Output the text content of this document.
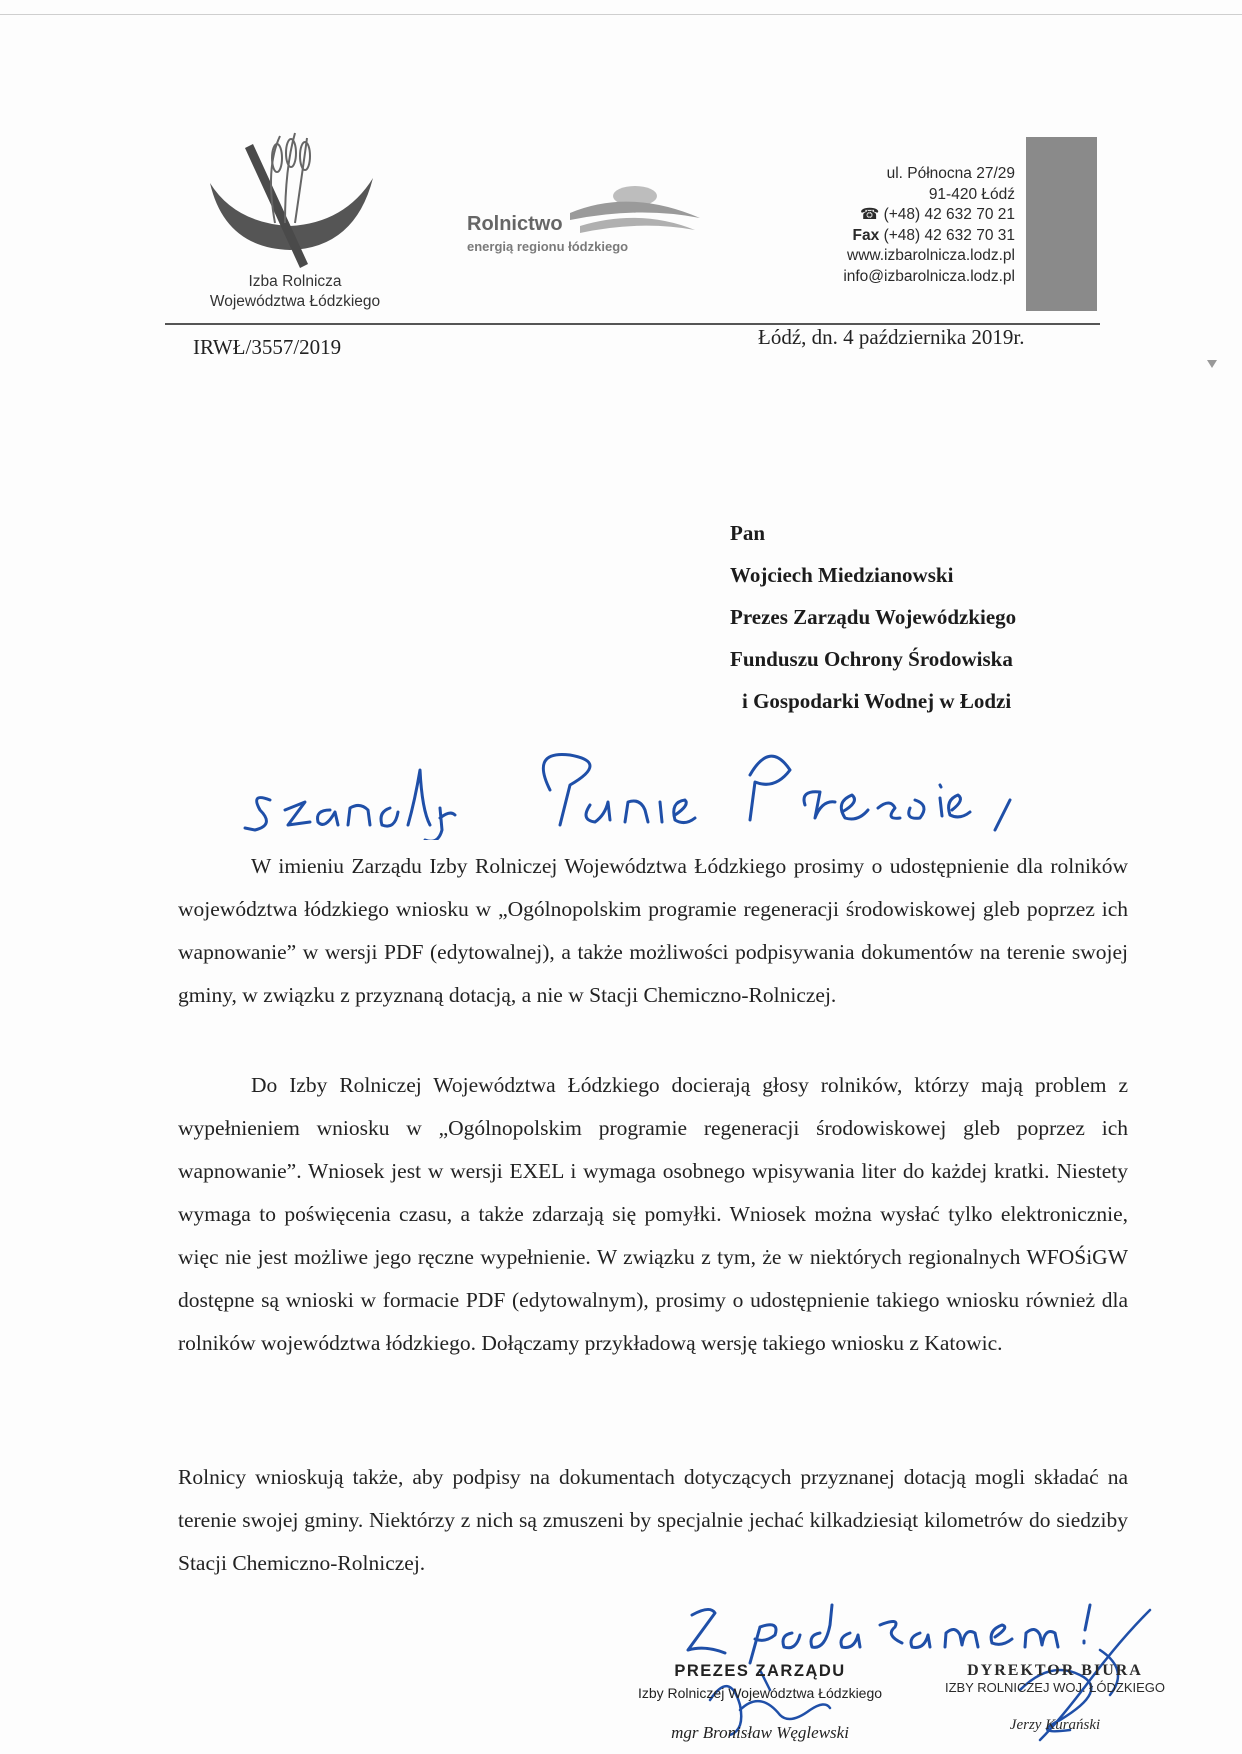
Izba Rolnicza
Województwa Łódzkiego
Rolnictwo
energią regionu łódzkiego
ul. Północna 27/29
91-420 Łódź
☎ (+48) 42 632 70 21
Fax (+48) 42 632 70 31
www.izbarolnicza.lodz.pl
info@izbarolnicza.lodz.pl
IRWŁ/3557/2019	Łódź, dn. 4 października 2019r.
Pan
Wojciech Miedzianowski
Prezes Zarządu Wojewódzkiego
Funduszu Ochrony Środowiska
i Gospodarki Wodnej w Łodzi

W imieniu Zarządu Izby Rolniczej Województwa Łódzkiego prosimy o udostępnienie dla rolników województwa łódzkiego wniosku w „Ogólnopolskim programie regeneracji środowiskowej gleb poprzez ich wapnowanie” w wersji PDF (edytowalnej), a także możliwości podpisywania dokumentów na terenie swojej gminy, w związku z przyznaną dotacją, a nie w Stacji Chemiczno-Rolniczej.

Do Izby Rolniczej Województwa Łódzkiego docierają głosy rolników, którzy mają problem z wypełnieniem wniosku w „Ogólnopolskim programie regeneracji środowiskowej gleb poprzez ich wapnowanie”. Wniosek jest w wersji EXEL i wymaga osobnego wpisywania liter do każdej kratki. Niestety wymaga to poświęcenia czasu, a także zdarzają się pomyłki. Wniosek można wysłać tylko elektronicznie, więc nie jest możliwe jego ręczne wypełnienie. W związku z tym, że w niektórych regionalnych WFOŚiGW dostępne są wnioski w formacie PDF (edytowalnym), prosimy o udostępnienie takiego wniosku również dla rolników województwa łódzkiego. Dołączamy przykładową wersję takiego wniosku z Katowic.

Rolnicy wnioskują także, aby podpisy na dokumentach dotyczących przyznanej dotacją mogli składać na terenie swojej gminy. Niektórzy z nich są zmuszeni by specjalnie jechać kilkadziesiąt kilometrów do siedziby Stacji Chemiczno-Rolniczej.

PREZES ZARZĄDU
Izby Rolniczej Województwa Łódzkiego
mgr Bronisław Węglewski
DYREKTOR BIURA
IZBY ROLNICZEJ WOJ. ŁÓDZKIEGO
Jerzy Kurański
